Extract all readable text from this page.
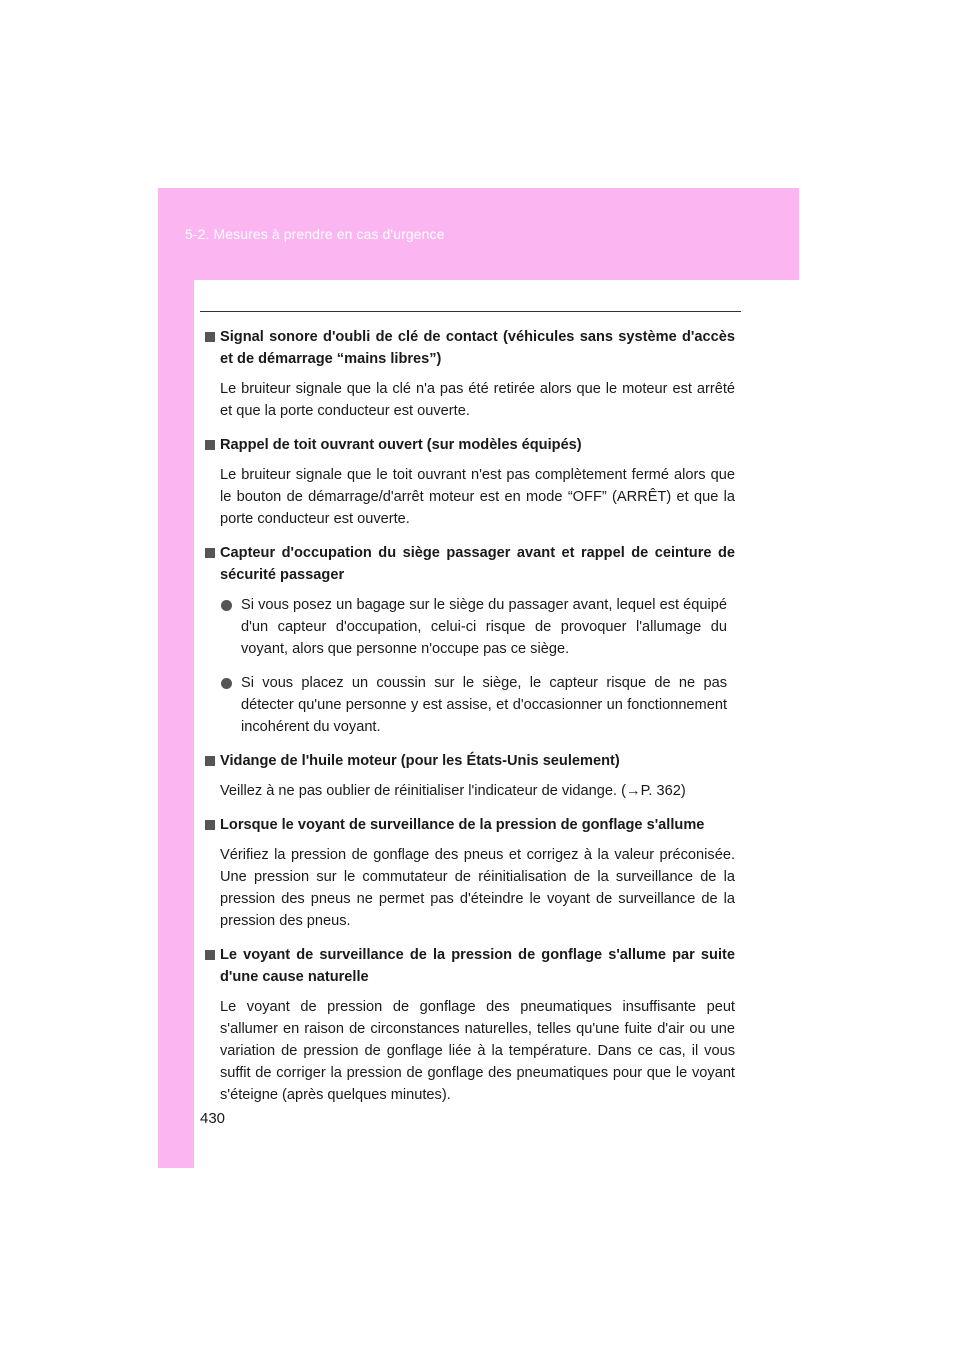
5-2. Mesures à prendre en cas d'urgence

Signal sonore d'oubli de clé de contact (véhicules sans système d'accès et de démarrage “mains libres”)

Le bruiteur signale que la clé n'a pas été retirée alors que le moteur est arrêté et que la porte conducteur est ouverte.

Rappel de toit ouvrant ouvert (sur modèles équipés)

Le bruiteur signale que le toit ouvrant n'est pas complètement fermé alors que le bouton de démarrage/d'arrêt moteur est en mode “OFF” (ARRÊT) et que la porte conducteur est ouverte.

Capteur d'occupation du siège passager avant et rappel de ceinture de sécurité passager

Si vous posez un bagage sur le siège du passager avant, lequel est équipé d'un capteur d'occupation, celui-ci risque de provoquer l'allumage du voyant, alors que personne n'occupe pas ce siège.

Si vous placez un coussin sur le siège, le capteur risque de ne pas détecter qu'une personne y est assise, et d'occasionner un fonctionnement incohérent du voyant.

Vidange de l'huile moteur (pour les États-Unis seulement)

Veillez à ne pas oublier de réinitialiser l'indicateur de vidange. (→P. 362)

Lorsque le voyant de surveillance de la pression de gonflage s'allume

Vérifiez la pression de gonflage des pneus et corrigez à la valeur préconisée. Une pression sur le commutateur de réinitialisation de la surveillance de la pression des pneus ne permet pas d'éteindre le voyant de surveillance de la pression des pneus.

Le voyant de surveillance de la pression de gonflage s'allume par suite d'une cause naturelle

Le voyant de pression de gonflage des pneumatiques insuffisante peut s'allumer en raison de circonstances naturelles, telles qu'une fuite d'air ou une variation de pression de gonflage liée à la température. Dans ce cas, il vous suffit de corriger la pression de gonflage des pneumatiques pour que le voyant s'éteigne (après quelques minutes).

430
